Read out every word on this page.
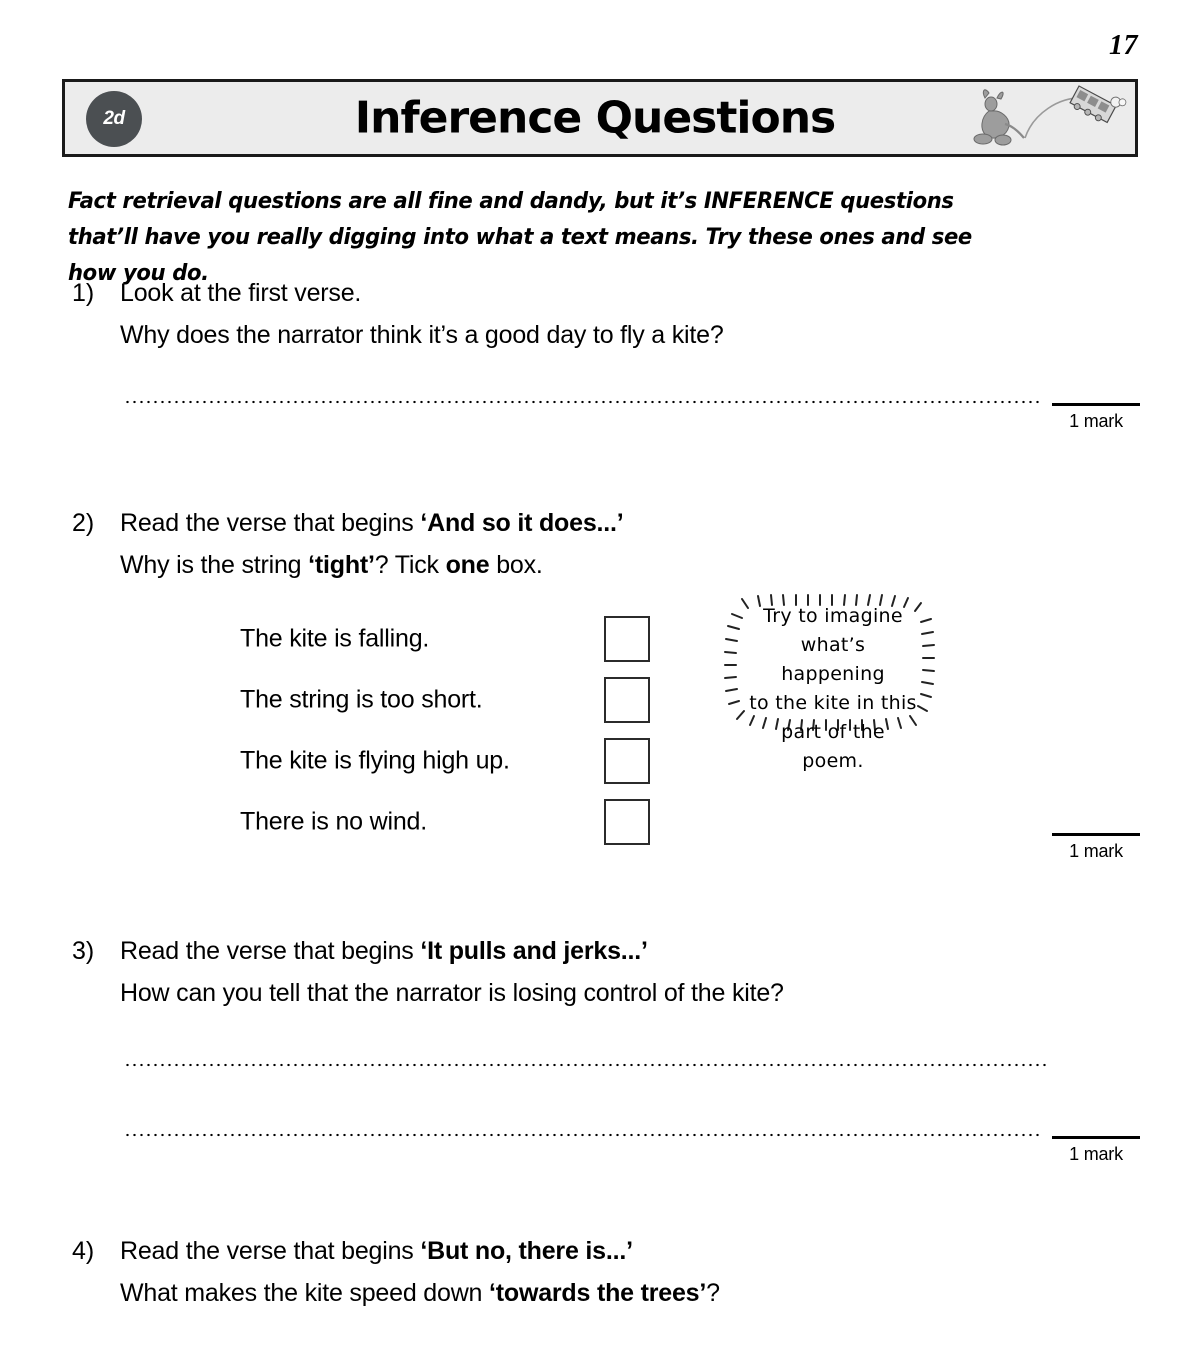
17
2d	Inference Questions
Fact retrieval questions are all fine and dandy, but it’s INFERENCE questions that’ll have you really digging into what a text means. Try these ones and see how you do.
1)	Look at the first verse.
Why does the narrator think it’s a good day to fly a kite?
1 mark
2)	Read the verse that begins ‘And so it does...’
Why is the string ‘tight’? Tick one box.
The kite is falling.
The string is too short.
The kite is flying high up.
There is no wind.
Try to imagine
what’s happening
to the kite in this
part of the poem.
1 mark
3)	Read the verse that begins ‘It pulls and jerks...’
How can you tell that the narrator is losing control of the kite?
1 mark
4)	Read the verse that begins ‘But no, there is...’
What makes the kite speed down ‘towards the trees’?
